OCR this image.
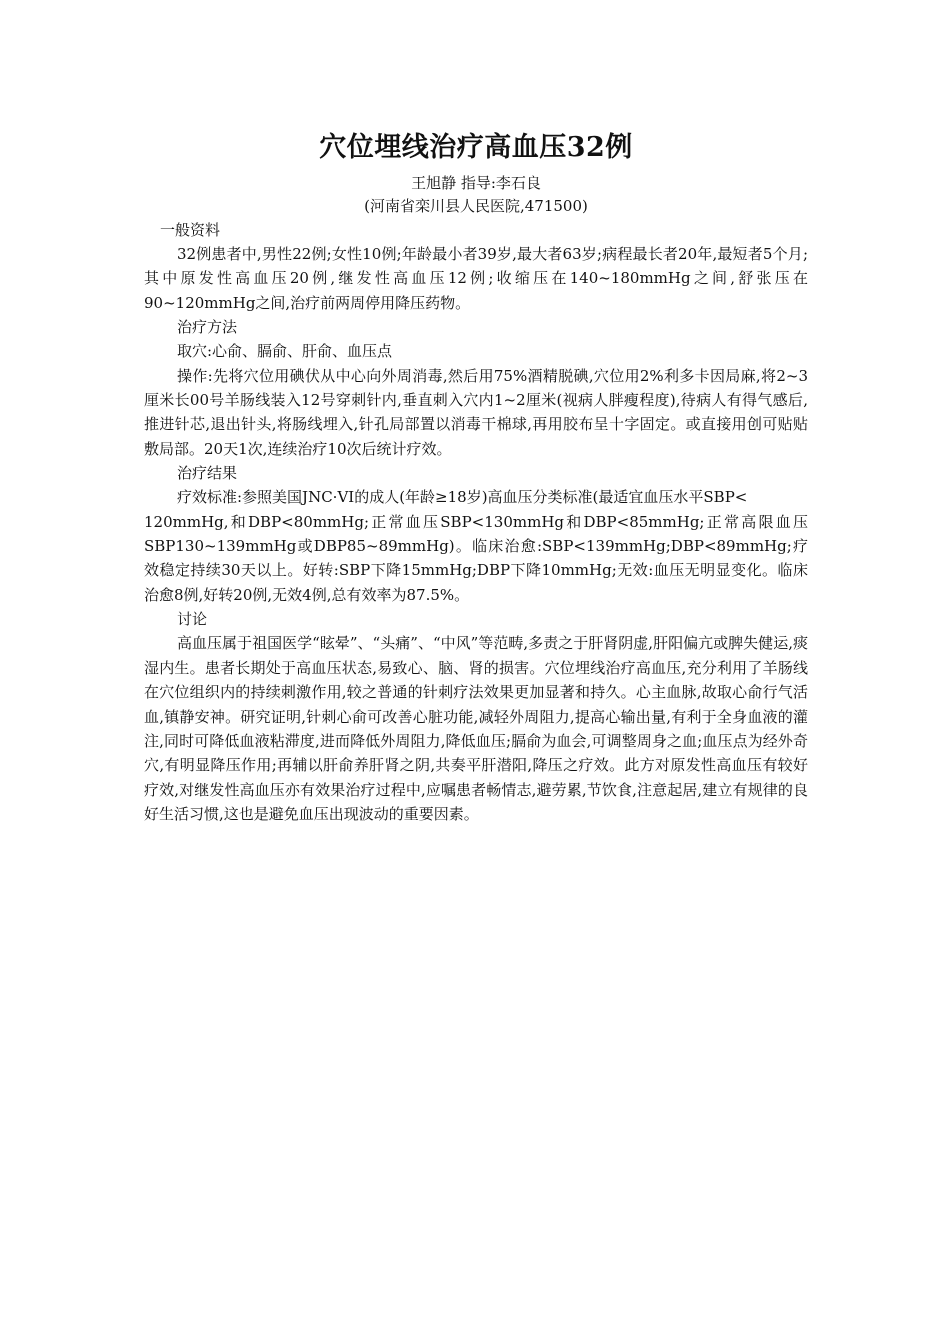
穴位埋线治疗高血压32例

王旭静 指导:李石良

(河南省栾川县人民医院,471500)

一般资料

32例患者中,男性22例;女性10例;年龄最小者39岁,最大者63岁;病程最长者20年,最短者5个月;其中原发性高血压20例,继发性高血压12例;收缩压在140~180mmHg之间,舒张压在90~120mmHg之间,治疗前两周停用降压药物。

治疗方法

取穴:心俞、膈俞、肝俞、血压点

操作:先将穴位用碘伏从中心向外周消毒,然后用75%酒精脱碘,穴位用2%利多卡因局麻,将2~3厘米长00号羊肠线装入12号穿刺针内,垂直刺入穴内1~2厘米(视病人胖瘦程度),待病人有得气感后,推进针芯,退出针头,将肠线埋入,针孔局部置以消毒干棉球,再用胶布呈十字固定。或直接用创可贴贴敷局部。20天1次,连续治疗10次后统计疗效。

治疗结果

疗效标准:参照美国JNC·VI的成人(年龄≥18岁)高血压分类标准(最适宜血压水平SBP<

120mmHg,和DBP<80mmHg;正常血压SBP<130mmHg和DBP<85mmHg;正常高限血压SBP130~139mmHg或DBP85~89mmHg)。临床治愈:SBP<139mmHg;DBP<89mmHg;疗效稳定持续30天以上。好转:SBP下降15mmHg;DBP下降10mmHg;无效:血压无明显变化。临床治愈8例,好转20例,无效4例,总有效率为87.5%。

讨论

高血压属于祖国医学“眩晕”、“头痛”、“中风”等范畴,多责之于肝肾阴虚,肝阳偏亢或脾失健运,痰湿内生。患者长期处于高血压状态,易致心、脑、肾的损害。穴位埋线治疗高血压,充分利用了羊肠线在穴位组织内的持续刺激作用,较之普通的针刺疗法效果更加显著和持久。心主血脉,故取心俞行气活血,镇静安神。研究证明,针刺心俞可改善心脏功能,减轻外周阻力,提高心输出量,有利于全身血液的灌注,同时可降低血液粘滞度,进而降低外周阻力,降低血压;膈俞为血会,可调整周身之血;血压点为经外奇穴,有明显降压作用;再辅以肝俞养肝肾之阴,共奏平肝潜阳,降压之疗效。此方对原发性高血压有较好疗效,对继发性高血压亦有效果治疗过程中,应嘱患者畅情志,避劳累,节饮食,注意起居,建立有规律的良好生活习惯,这也是避免血压出现波动的重要因素。
